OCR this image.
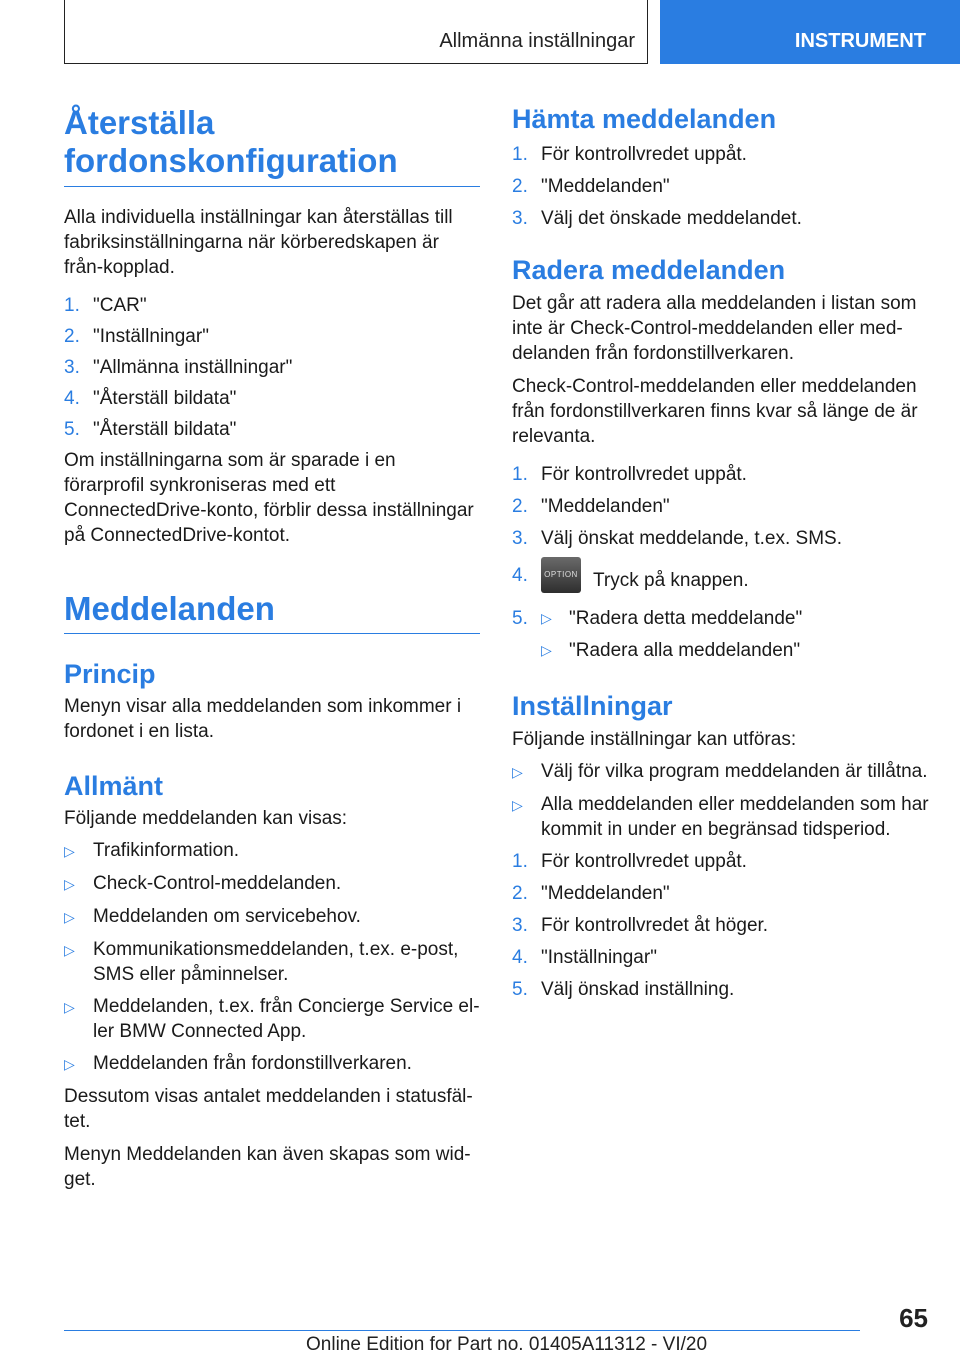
Allmänna inställningar	INSTRUMENT

Återställa

fordonskonfiguration

Alla individuella inställningar kan återställas till fabriksinställningarna när körberedskapen är från-kopplad.

1. "CAR"
2. "Inställningar"
3. "Allmänna inställningar"
4. "Återställ bildata"
5. "Återställ bildata"

Om inställningarna som är sparade i en förarprofil synkroniseras med ett ConnectedDrive-konto, förblir dessa inställningar på ConnectedDrive-kontot.

Meddelanden

Princip

Menyn visar alla meddelanden som inkommer i fordonet i en lista.

Allmänt

Följande meddelanden kan visas:

▷ Trafikinformation.
▷ Check-Control-meddelanden.
▷ Meddelanden om servicebehov.
▷ Kommunikationsmeddelanden, t.ex. e-post, SMS eller påminnelser.
▷ Meddelanden, t.ex. från Concierge Service el-ler BMW Connected App.
▷ Meddelanden från fordonstillverkaren.

Dessutom visas antalet meddelanden i statusfäl-tet.

Menyn Meddelanden kan även skapas som wid-get.

Hämta meddelanden

1. För kontrollvredet uppåt.
2. "Meddelanden"
3. Välj det önskade meddelandet.

Radera meddelanden

Det går att radera alla meddelanden i listan som inte är Check-Control-meddelanden eller med-delanden från fordonstillverkaren.

Check-Control-meddelanden eller meddelanden från fordonstillverkaren finns kvar så länge de är relevanta.

1. För kontrollvredet uppåt.
2. "Meddelanden"
3. Välj önskat meddelande, t.ex. SMS.
4.	OPTION Tryck på knappen.
5. ▷ "Radera detta meddelande"
▷ "Radera alla meddelanden"

Inställningar

Följande inställningar kan utföras:

▷ Välj för vilka program meddelanden är tillåtna.
▷ Alla meddelanden eller meddelanden som har kommit in under en begränsad tidsperiod.
1. För kontrollvredet uppåt.
2. "Meddelanden"
3. För kontrollvredet åt höger.
4. "Inställningar"
5. Välj önskad inställning.
65
Online Edition for Part no. 01405A11312 - VI/20
